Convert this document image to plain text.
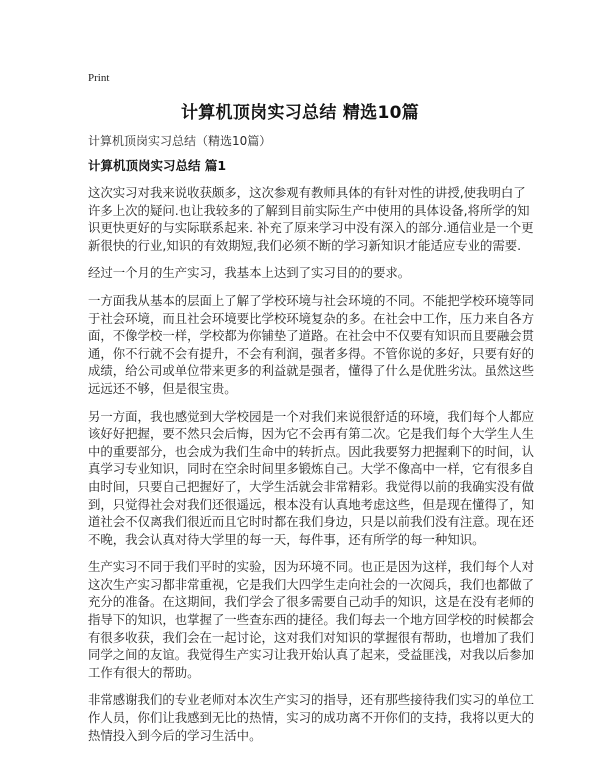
Print
计算机顶岗实习总结 精选10篇
计算机顶岗实习总结（精选10篇）
计算机顶岗实习总结 篇1

这次实习对我来说收获颇多，这次参观有教师具体的有针对性的讲授,使我明白了
许多上次的疑问.也让我较多的了解到目前实际生产中使用的具体设备,将所学的知
识更快更好的与实际联系起来. 补充了原来学习中没有深入的部分.通信业是一个更
新很快的行业,知识的有效期短,我们必须不断的学习新知识才能适应专业的需要.

经过一个月的生产实习，我基本上达到了实习目的的要求。

一方面我从基本的层面上了解了学校环境与社会环境的不同。不能把学校环境等同
于社会环境，而且社会环境要比学校环境复杂的多。在社会中工作，压力来自各方
面，不像学校一样，学校都为你铺垫了道路。在社会中不仅要有知识而且要融会贯
通，你不行就不会有提升，不会有利润，强者多得。不管你说的多好，只要有好的
成绩，给公司或单位带来更多的利益就是强者，懂得了什么是优胜劣汰。虽然这些
远远还不够，但是很宝贵。

另一方面，我也感觉到大学校园是一个对我们来说很舒适的环境，我们每个人都应
该好好把握，要不然只会后悔，因为它不会再有第二次。它是我们每个大学生人生
中的重要部分，也会成为我们生命中的转折点。因此我要努力把握剩下的时间，认
真学习专业知识，同时在空余时间里多锻炼自己。大学不像高中一样，它有很多自
由时间，只要自己把握好了，大学生活就会非常精彩。我觉得以前的我确实没有做
到，只觉得社会对我们还很遥远，根本没有认真地考虑这些，但是现在懂得了，知
道社会不仅离我们很近而且它时时都在我们身边，只是以前我们没有注意。现在还
不晚，我会认真对待大学里的每一天，每件事，还有所学的每一种知识。

生产实习不同于我们平时的实验，因为环境不同。也正是因为这样，我们每个人对
这次生产实习都非常重视，它是我们大四学生走向社会的一次阅兵，我们也都做了
充分的准备。在这期间，我们学会了很多需要自己动手的知识，这是在没有老师的
指导下的知识，也掌握了一些查东西的捷径。我们每去一个地方回学校的时候都会
有很多收获，我们会在一起讨论，这对我们对知识的掌握很有帮助，也增加了我们
同学之间的友谊。我觉得生产实习让我开始认真了起来，受益匪浅，对我以后参加
工作有很大的帮助。

非常感谢我们的专业老师对本次生产实习的指导，还有那些接待我们实习的单位工
作人员，你们让我感到无比的热情，实习的成功离不开你们的支持，我将以更大的
热情投入到今后的学习生活中。
